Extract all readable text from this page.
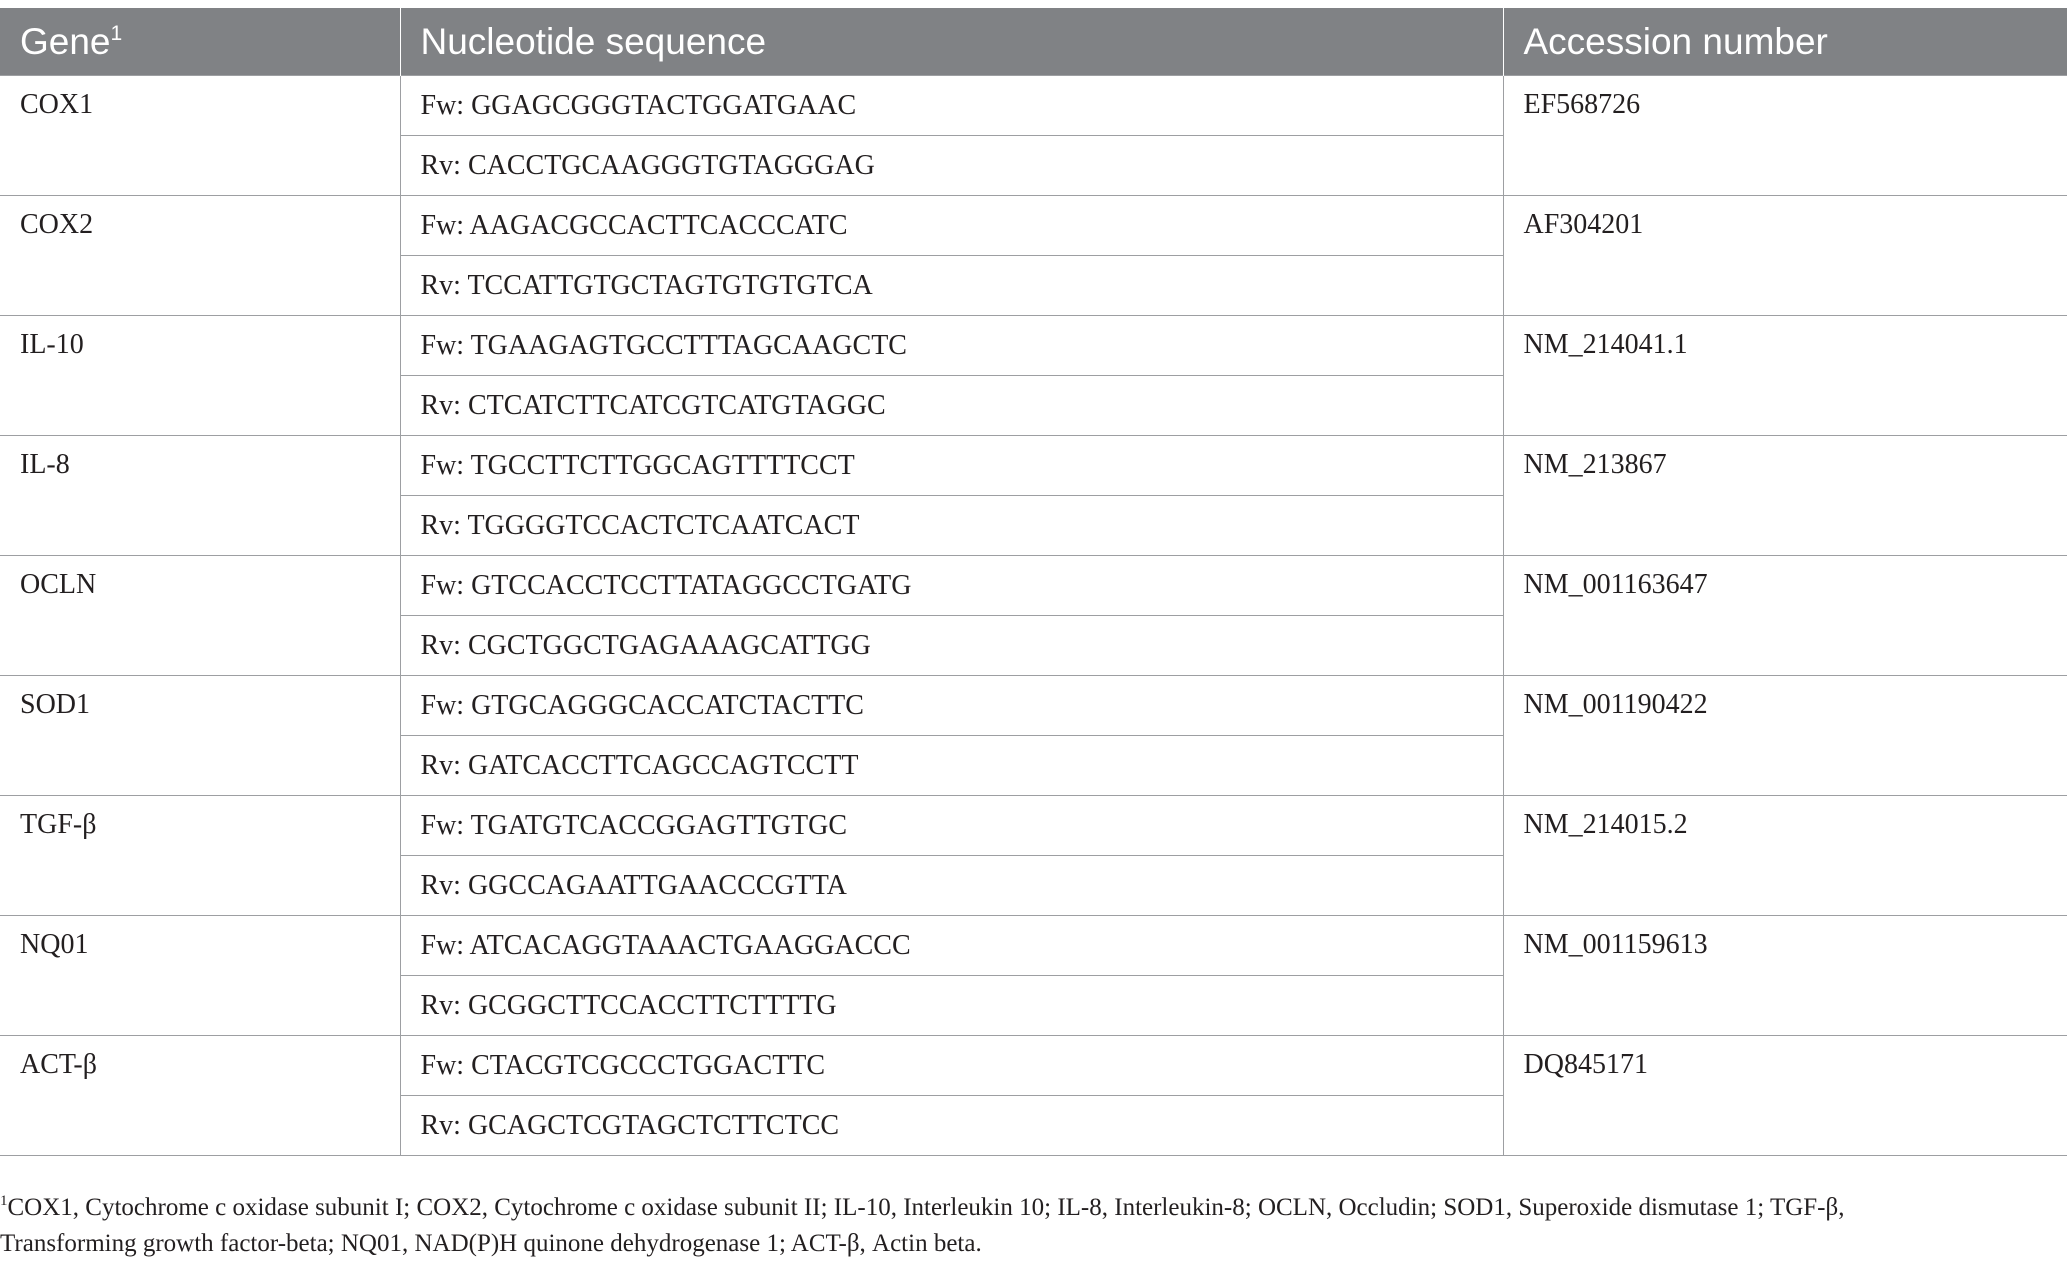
Gene$^1$	Nucleotide sequence	Accession number
COX1	Fw: GGAGCGGGTACTGGATGAAC	EF568726
	Rv: CACCTGCAAGGGTGTAGGGAG	
COX2	Fw: AAGACGCCACTTCACCCATC	AF304201
	Rv: TCCATTGTGCTAGTGTGTGTCA	
IL-10	Fw: TGAAGAGTGCCTTTAGCAAGCTC	NM_214041.1
	Rv: CTCATCTTCATCGTCATGTAGGC	
IL-8	Fw: TGCCTTCTTGGCAGTTTTCCT	NM_213867
	Rv: TGGGGTCCACTCTCAATCACT	
OCLN	Fw: GTCCACCTCCTTATAGGCCTGATG	NM_001163647
	Rv: CGCTGGCTGAGAAAGCATTGG	
SOD1	Fw: GTGCAGGGCACCATCTACTTC	NM_001190422
	Rv: GATCACCTTCAGCCAGTCCTT	
TGF-β	Fw: TGATGTCACCGGAGTTGTGC	NM_214015.2
	Rv: GGCCAGAATTGAACCCGTTA	
NQ01	Fw: ATCACAGGTAAACTGAAGGACCC	NM_001159613
	Rv: GCGGCTTCCACCTTCTTTTG	
ACT-β	Fw: CTACGTCGCCCTGGACTTC	DQ845171
	Rv: GCAGCTCGTAGCTCTTCTCC	
$^1$COX1, Cytochrome c oxidase subunit I; COX2, Cytochrome c oxidase subunit II; IL-10, Interleukin 10; IL-8, Interleukin-8; OCLN, Occludin; SOD1, Superoxide dismutase 1; TGF-β,
Transforming growth factor-beta; NQ01, NAD(P)H quinone dehydrogenase 1; ACT-β, Actin beta.
